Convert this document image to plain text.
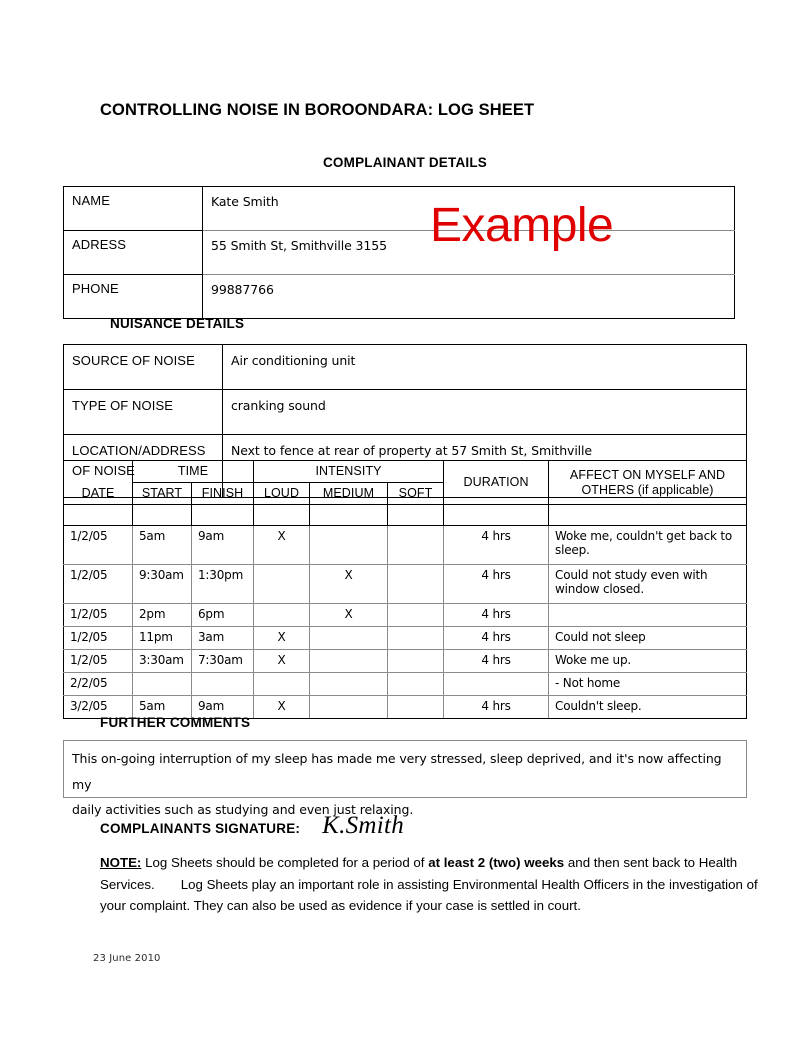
CONTROLLING NOISE IN BOROONDARA: LOG SHEET
COMPLAINANT DETAILS
NAME	Kate Smith
ADRESS	55 Smith St, Smithville 3155
PHONE	99887766
Example
NUISANCE DETAILS
SOURCE OF NOISE	Air conditioning unit
TYPE OF NOISE	cranking sound
LOCATION/ADDRESS
OF NOISE	Next to fence at rear of property at 57 Smith St, Smithville
DATE	TIME		INTENSITY			DURATION	AFFECT ON MYSELF AND
OTHERS (if applicable)
	START	FINISH	LOUD	MEDIUM	SOFT		

1/2/05	5am	9am	X			4 hrs	Woke me, couldn't get back to sleep.
1/2/05	9:30am	1:30pm		X		4 hrs	Could not study even with window closed.
1/2/05	2pm	6pm		X		4 hrs	
1/2/05	11pm	3am	X			4 hrs	Could not sleep
1/2/05	3:30am	7:30am	X			4 hrs	Woke me up.
2/2/05							- Not home
3/2/05	5am	9am	X			4 hrs	Couldn't sleep.
FURTHER COMMENTS
This on-going interruption of my sleep has made me very stressed, sleep deprived, and it's now affecting my
daily activities such as studying and even just relaxing.
COMPLAINANTS SIGNATURE: K.Smith
NOTE: Log Sheets should be completed for a period of at least 2 (two) weeks and then sent back to Health Services. Log Sheets play an important role in assisting Environmental Health Officers in the investigation of your complaint. They can also be used as evidence if your case is settled in court.
23 June 2010
